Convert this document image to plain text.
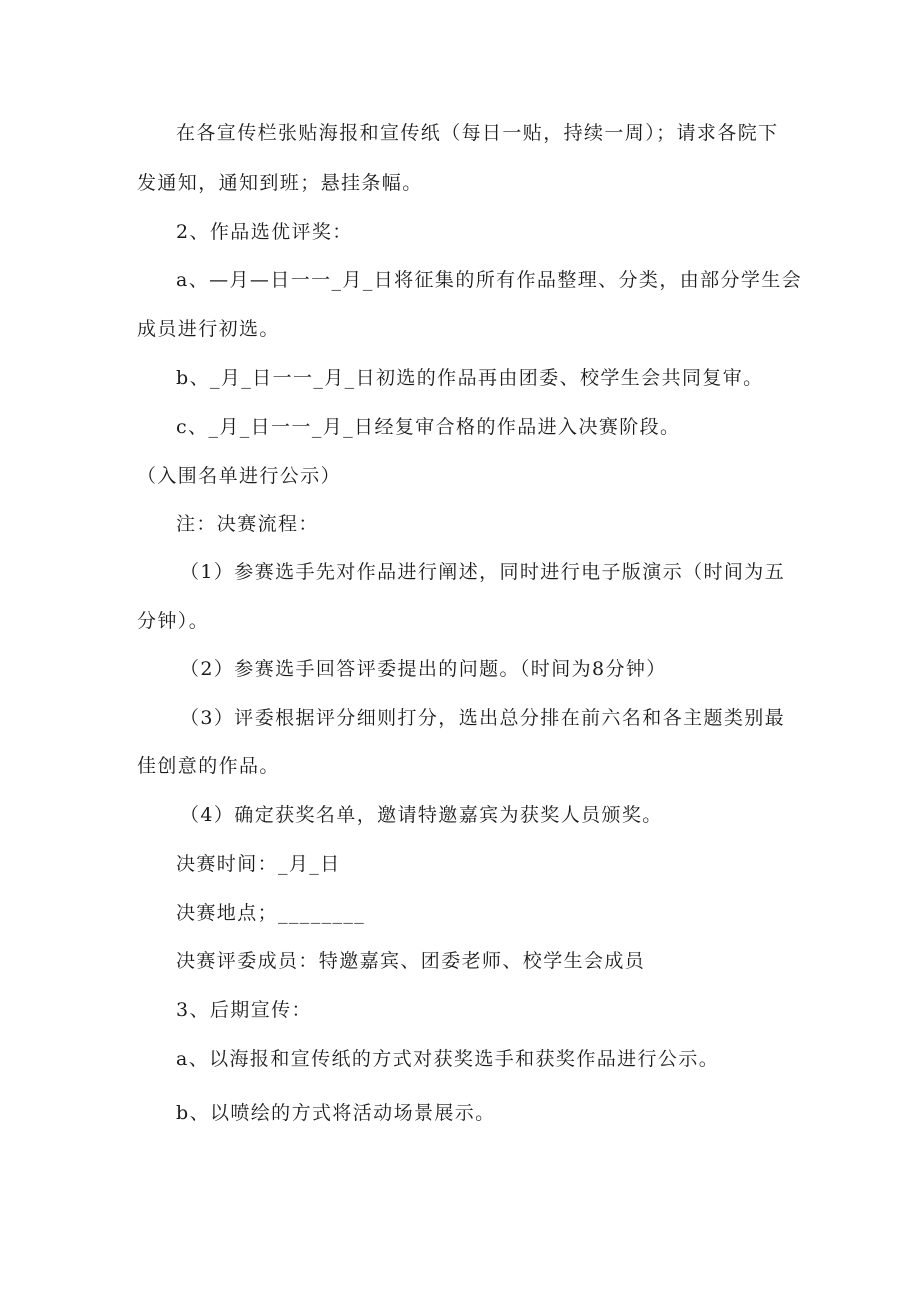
在各宣传栏张贴海报和宣传纸（每日一贴，持续一周）；请求各院下

发通知，通知到班；悬挂条幅。

2、作品选优评奖：

a、—月—日一一_月_日将征集的所有作品整理、分类，由部分学生会

成员进行初选。

b、_月_日一一_月_日初选的作品再由团委、校学生会共同复审。

c、_月_日一一_月_日经复审合格的作品进入决赛阶段。

（入围名单进行公示）

注：决赛流程：

（1）参赛选手先对作品进行阐述，同时进行电子版演示（时间为五

分钟）。

（2）参赛选手回答评委提出的问题。（时间为8分钟）

（3）评委根据评分细则打分，选出总分排在前六名和各主题类别最

佳创意的作品。

（4）确定获奖名单，邀请特邀嘉宾为获奖人员颁奖。

决赛时间：_月_日

决赛地点；________

决赛评委成员：特邀嘉宾、团委老师、校学生会成员

3、后期宣传：

a、以海报和宣传纸的方式对获奖选手和获奖作品进行公示。

b、以喷绘的方式将活动场景展示。
